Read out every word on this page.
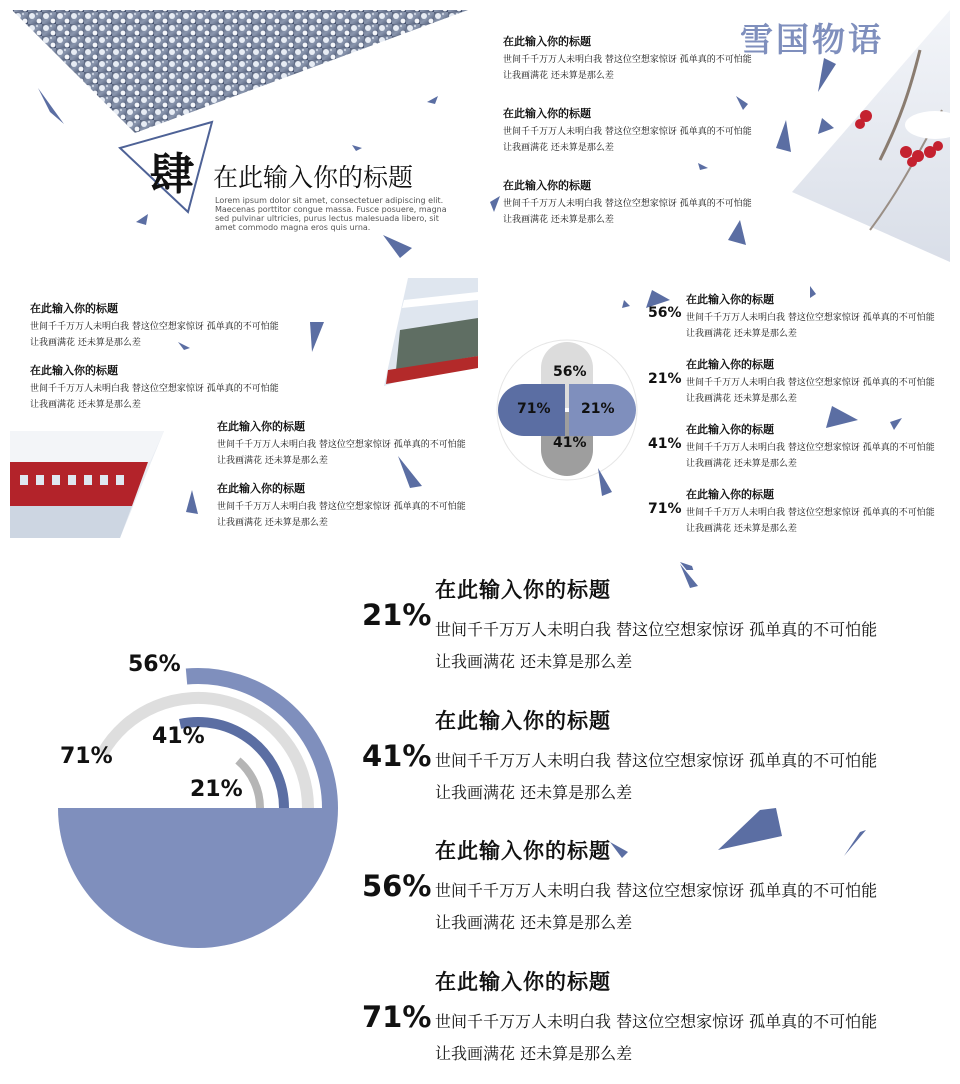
肆 在此输入你的标题
Lorem ipsum dolor sit amet, consectetuer adipiscing elit.
Maecenas porttitor congue massa. Fusce posuere, magna
sed pulvinar ultricies, purus lectus malesuada libero, sit
amet commodo magna eros quis urna.
雪国物语
在此输入你的标题
世间千千万万人未明白我 替这位空想家惊讶 孤单真的不可怕能
让我画满花 还未算是那么差
在此输入你的标题
世间千千万万人未明白我 替这位空想家惊讶 孤单真的不可怕能
让我画满花 还未算是那么差
在此输入你的标题
世间千千万万人未明白我 替这位空想家惊讶 孤单真的不可怕能
让我画满花 还未算是那么差
在此输入你的标题
世间千千万万人未明白我 替这位空想家惊讶 孤单真的不可怕能
让我画满花 还未算是那么差
在此输入你的标题
世间千千万万人未明白我 替这位空想家惊讶 孤单真的不可怕能
让我画满花 还未算是那么差
在此输入你的标题
世间千千万万人未明白我 替这位空想家惊讶 孤单真的不可怕能
让我画满花 还未算是那么差
在此输入你的标题
世间千千万万人未明白我 替这位空想家惊讶 孤单真的不可怕能
让我画满花 还未算是那么差
56%
71% 21%
41%
56%
在此输入你的标题
世间千千万万人未明白我 替这位空想家惊讶 孤单真的不可怕能
让我画满花 还未算是那么差
21%
在此输入你的标题
世间千千万万人未明白我 替这位空想家惊讶 孤单真的不可怕能
让我画满花 还未算是那么差
41%
在此输入你的标题
世间千千万万人未明白我 替这位空想家惊讶 孤单真的不可怕能
让我画满花 还未算是那么差
71%
在此输入你的标题
世间千千万万人未明白我 替这位空想家惊讶 孤单真的不可怕能
让我画满花 还未算是那么差
56%
71%
41%
21%
21%
在此输入你的标题
世间千千万万人未明白我 替这位空想家惊讶 孤单真的不可怕能
让我画满花 还未算是那么差
41%
在此输入你的标题
世间千千万万人未明白我 替这位空想家惊讶 孤单真的不可怕能
让我画满花 还未算是那么差
56%
在此输入你的标题
世间千千万万人未明白我 替这位空想家惊讶 孤单真的不可怕能
让我画满花 还未算是那么差
71%
在此输入你的标题
世间千千万万人未明白我 替这位空想家惊讶 孤单真的不可怕能
让我画满花 还未算是那么差
